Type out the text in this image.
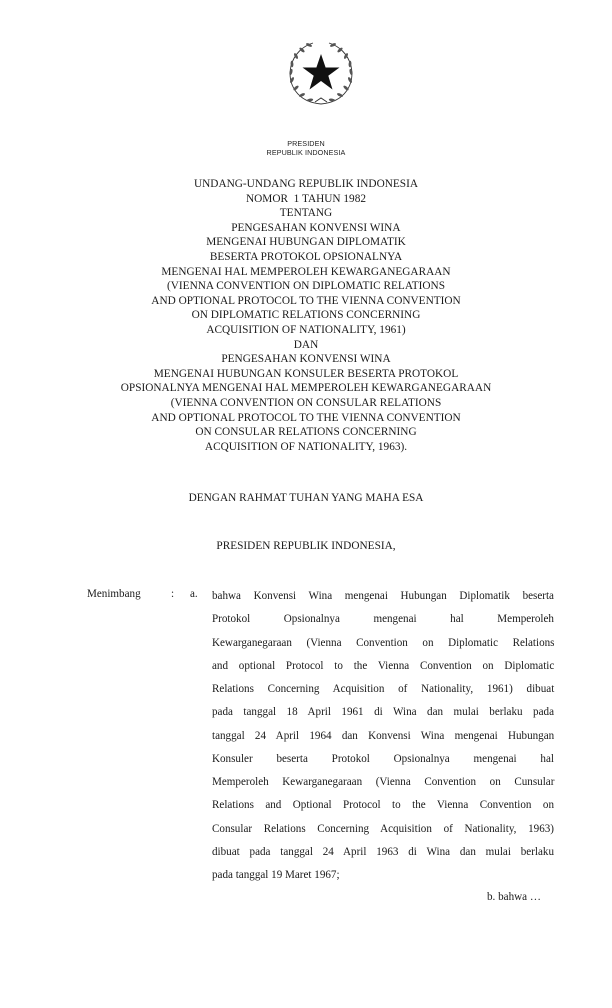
PRESIDEN
REPUBLIK INDONESIA
UNDANG-UNDANG REPUBLIK INDONESIA
NOMOR  1 TAHUN 1982
TENTANG
PENGESAHAN KONVENSI WINA
MENGENAI HUBUNGAN DIPLOMATIK
BESERTA PROTOKOL OPSIONALNYA
MENGENAI HAL MEMPEROLEH KEWARGANEGARAAN
(VIENNA CONVENTION ON DIPLOMATIC RELATIONS
AND OPTIONAL PROTOCOL TO THE VIENNA CONVENTION
ON DIPLOMATIC RELATIONS CONCERNING
ACQUISITION OF NATIONALITY, 1961)
DAN
PENGESAHAN KONVENSI WINA
MENGENAI HUBUNGAN KONSULER BESERTA PROTOKOL
OPSIONALNYA MENGENAI HAL MEMPEROLEH KEWARGANEGARAAN
(VIENNA CONVENTION ON CONSULAR RELATIONS
AND OPTIONAL PROTOCOL TO THE VIENNA CONVENTION
ON CONSULAR RELATIONS CONCERNING
ACQUISITION OF NATIONALITY, 1963).
DENGAN RAHMAT TUHAN YANG MAHA ESA
PRESIDEN REPUBLIK INDONESIA,
Menimbang	: a. bahwa Konvensi Wina mengenai Hubungan Diplomatik beserta
Protokol	Opsionalnya	mengenai	hal	Memperoleh
Kewarganegaraan (Vienna Convention on Diplomatic Relations
and optional Protocol to the Vienna Convention on Diplomatic
Relations Concerning Acquisition of Nationality, 1961) dibuat
pada tanggal 18 April 1961 di Wina dan mulai berlaku pada
tanggal 24 April 1964 dan Konvensi Wina mengenai Hubungan
Konsuler beserta Protokol Opsionalnya mengenai hal
Memperoleh Kewarganegaraan (Vienna Convention on Cunsular
Relations and Optional Protocol to the Vienna Convention on
Consular Relations Concerning Acquisition of Nationality, 1963)
dibuat pada tanggal 24 April 1963 di Wina dan mulai berlaku
pada tanggal 19 Maret 1967;
b. bahwa …
